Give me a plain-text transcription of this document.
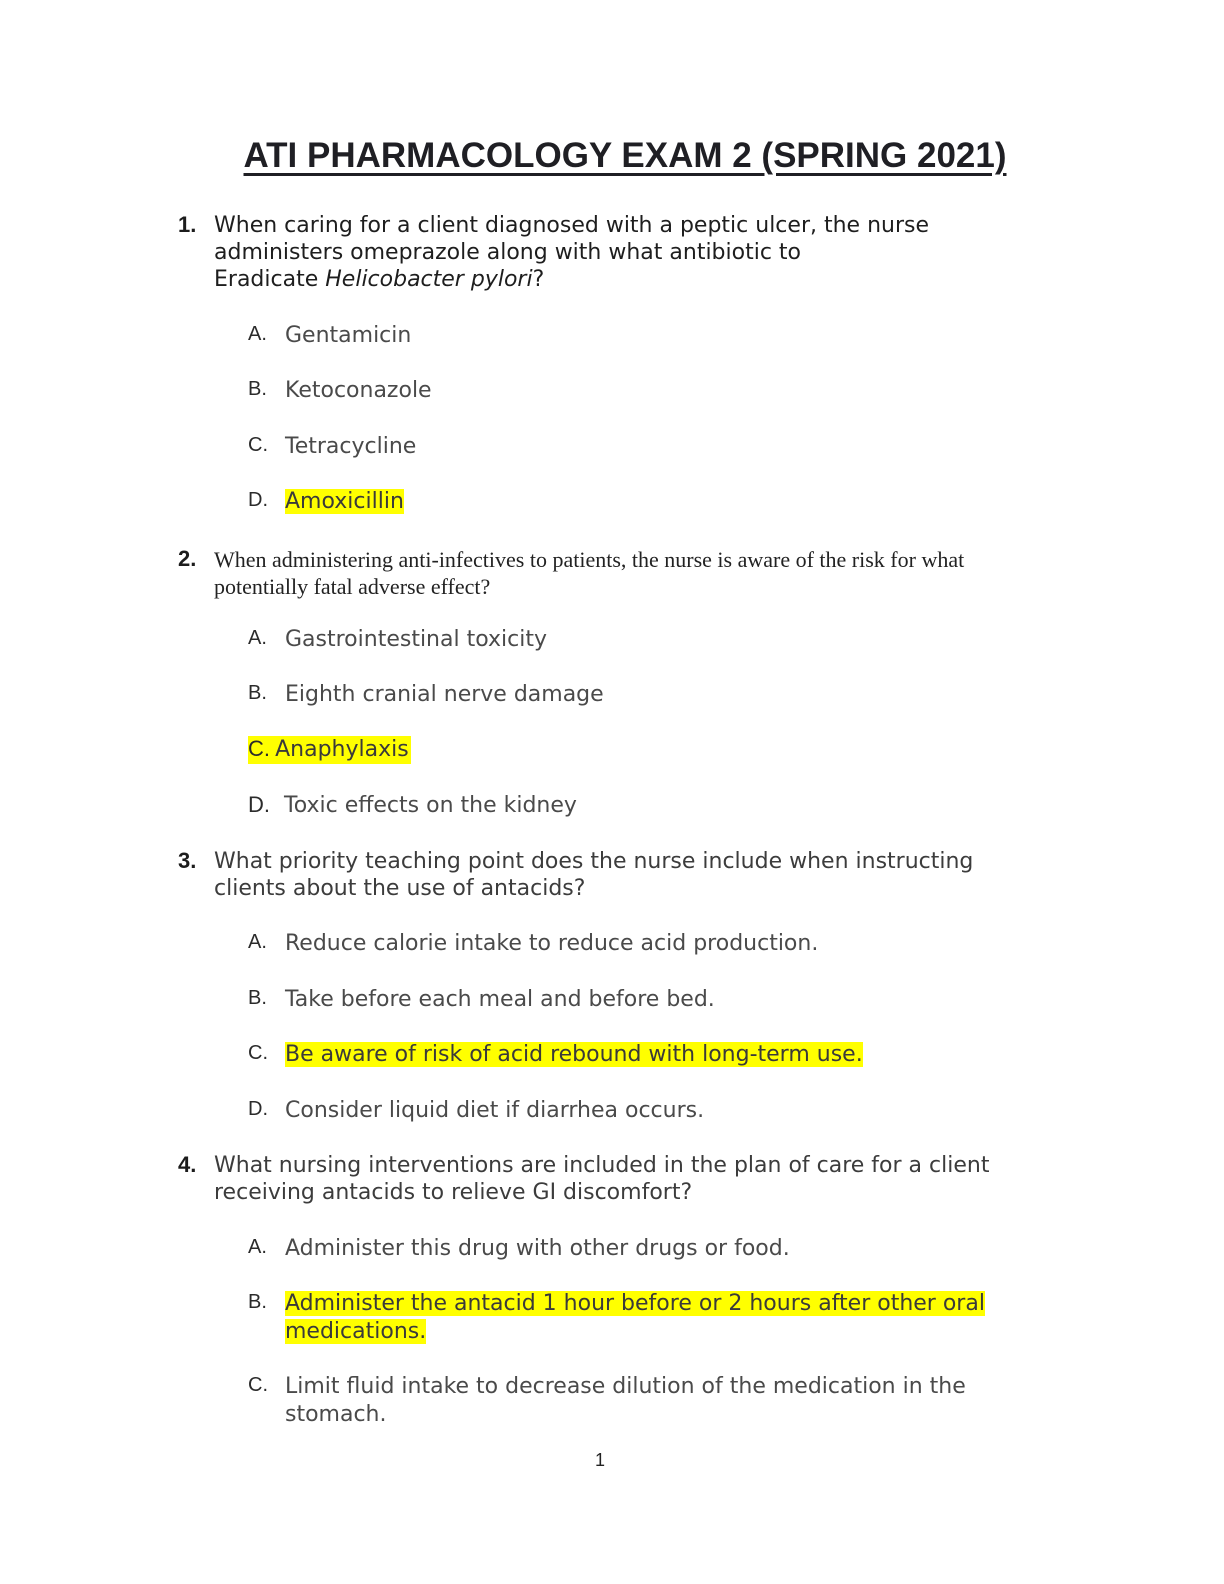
ATI PHARMACOLOGY EXAM 2 (SPRING 2021)
1. When caring for a client diagnosed with a peptic ulcer, the nurse
administers omeprazole along with what antibiotic to
Eradicate Helicobacter pylori?
A. Gentamicin
B. Ketoconazole
C. Tetracycline
D. Amoxicillin
2. When administering anti-infectives to patients, the nurse is aware of the risk for what
potentially fatal adverse effect?
A. Gastrointestinal toxicity
B. Eighth cranial nerve damage
C. Anaphylaxis
D. Toxic effects on the kidney
3. What priority teaching point does the nurse include when instructing
clients about the use of antacids?
A. Reduce calorie intake to reduce acid production.
B. Take before each meal and before bed.
C. Be aware of risk of acid rebound with long-term use.
D. Consider liquid diet if diarrhea occurs.
4. What nursing interventions are included in the plan of care for a client
receiving antacids to relieve GI discomfort?
A. Administer this drug with other drugs or food.
B. Administer the antacid 1 hour before or 2 hours after other oral
medications.
C. Limit fluid intake to decrease dilution of the medication in the
stomach.
1
